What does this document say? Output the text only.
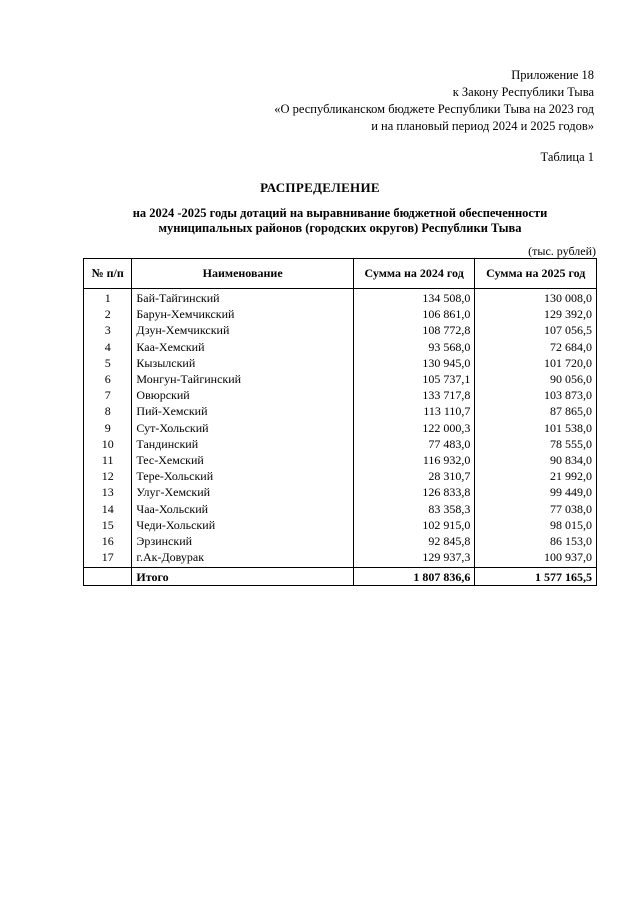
Приложение 18
к Закону Республики Тыва
«О республиканском бюджете Республики Тыва на 2023 год
и на плановый период 2024 и 2025 годов»
Таблица 1
РАСПРЕДЕЛЕНИЕ
на 2024 -2025 годы дотаций на выравнивание бюджетной обеспеченности
муниципальных районов (городских округов) Республики Тыва
(тыс. рублей)
№ п/п	Наименование	Сумма на 2024 год	Сумма на 2025 год
1	Бай-Тайгинский	134 508,0	130 008,0
2	Барун-Хемчикский	106 861,0	129 392,0
3	Дзун-Хемчикский	108 772,8	107 056,5
4	Каа-Хемский	93 568,0	72 684,0
5	Кызылский	130 945,0	101 720,0
6	Монгун-Тайгинский	105 737,1	90 056,0
7	Овюрский	133 717,8	103 873,0
8	Пий-Хемский	113 110,7	87 865,0
9	Сут-Хольский	122 000,3	101 538,0
10	Тандинский	77 483,0	78 555,0
11	Тес-Хемский	116 932,0	90 834,0
12	Тере-Хольский	28 310,7	21 992,0
13	Улуг-Хемский	126 833,8	99 449,0
14	Чаа-Хольский	83 358,3	77 038,0
15	Чеди-Хольский	102 915,0	98 015,0
16	Эрзинский	92 845,8	86 153,0
17	г.Ак-Довурак	129 937,3	100 937,0
	Итого	1 807 836,6	1 577 165,5
